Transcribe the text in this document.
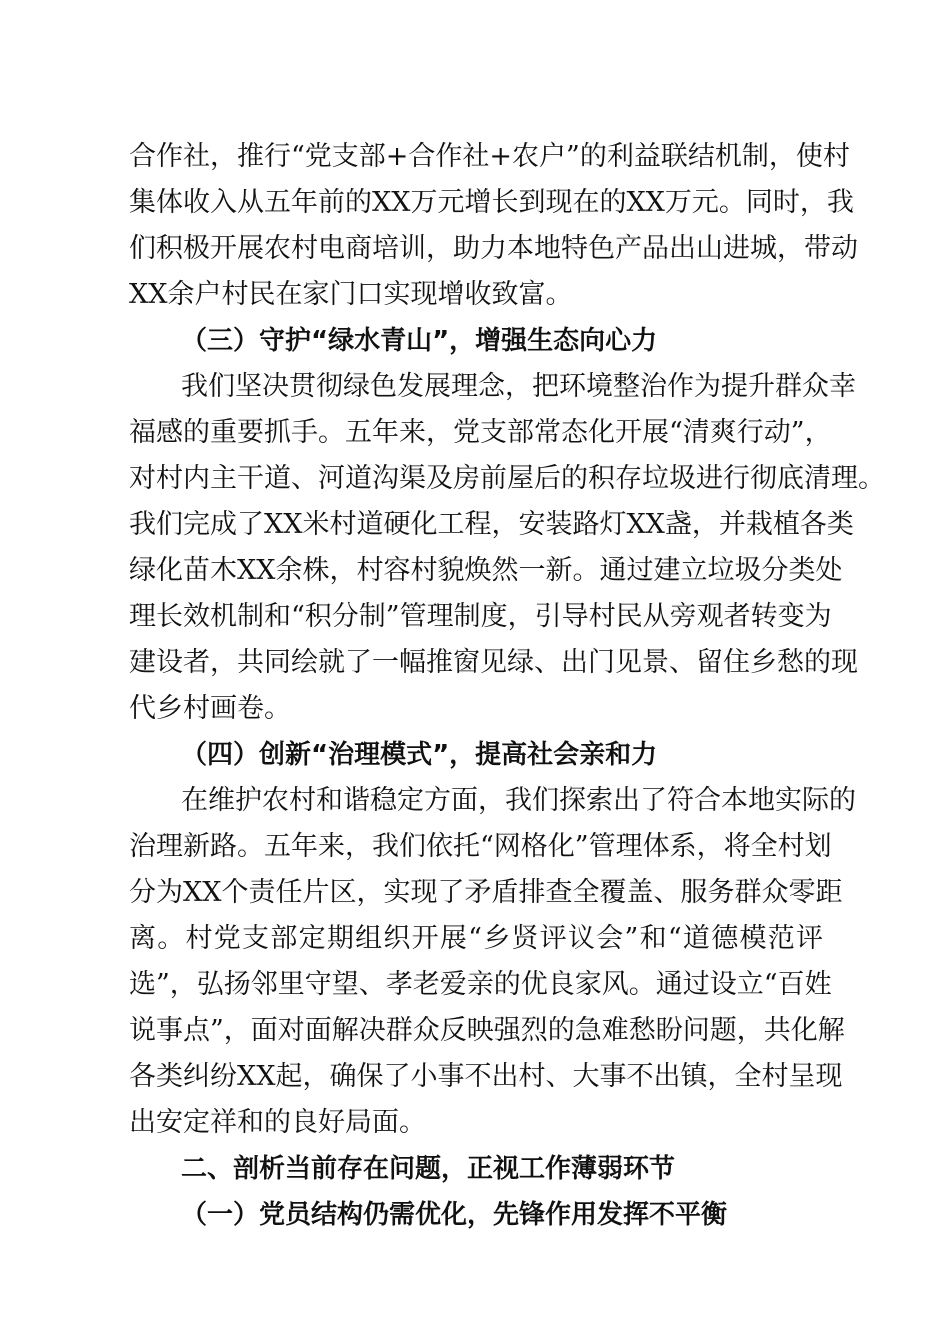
合作社，推行“党支部+合作社+农户”的利益联结机制，使村
集体收入从五年前的XX万元增长到现在的XX万元。同时，我
们积极开展农村电商培训，助力本地特色产品出山进城，带动
XX余户村民在家门口实现增收致富。
（三）守护“绿水青山”，增强生态向心力
我们坚决贯彻绿色发展理念，把环境整治作为提升群众幸
福感的重要抓手。五年来，党支部常态化开展“清爽行动”，
对村内主干道、河道沟渠及房前屋后的积存垃圾进行彻底清理。
我们完成了XX米村道硬化工程，安装路灯XX盏，并栽植各类
绿化苗木XX余株，村容村貌焕然一新。通过建立垃圾分类处
理长效机制和“积分制”管理制度，引导村民从旁观者转变为
建设者，共同绘就了一幅推窗见绿、出门见景、留住乡愁的现
代乡村画卷。
（四）创新“治理模式”，提高社会亲和力
在维护农村和谐稳定方面，我们探索出了符合本地实际的
治理新路。五年来，我们依托“网格化”管理体系，将全村划
分为XX个责任片区，实现了矛盾排查全覆盖、服务群众零距
离。村党支部定期组织开展“乡贤评议会”和“道德模范评
选”，弘扬邻里守望、孝老爱亲的优良家风。通过设立“百姓
说事点”，面对面解决群众反映强烈的急难愁盼问题，共化解
各类纠纷XX起，确保了小事不出村、大事不出镇，全村呈现
出安定祥和的良好局面。
二、剖析当前存在问题，正视工作薄弱环节
（一）党员结构仍需优化，先锋作用发挥不平衡
